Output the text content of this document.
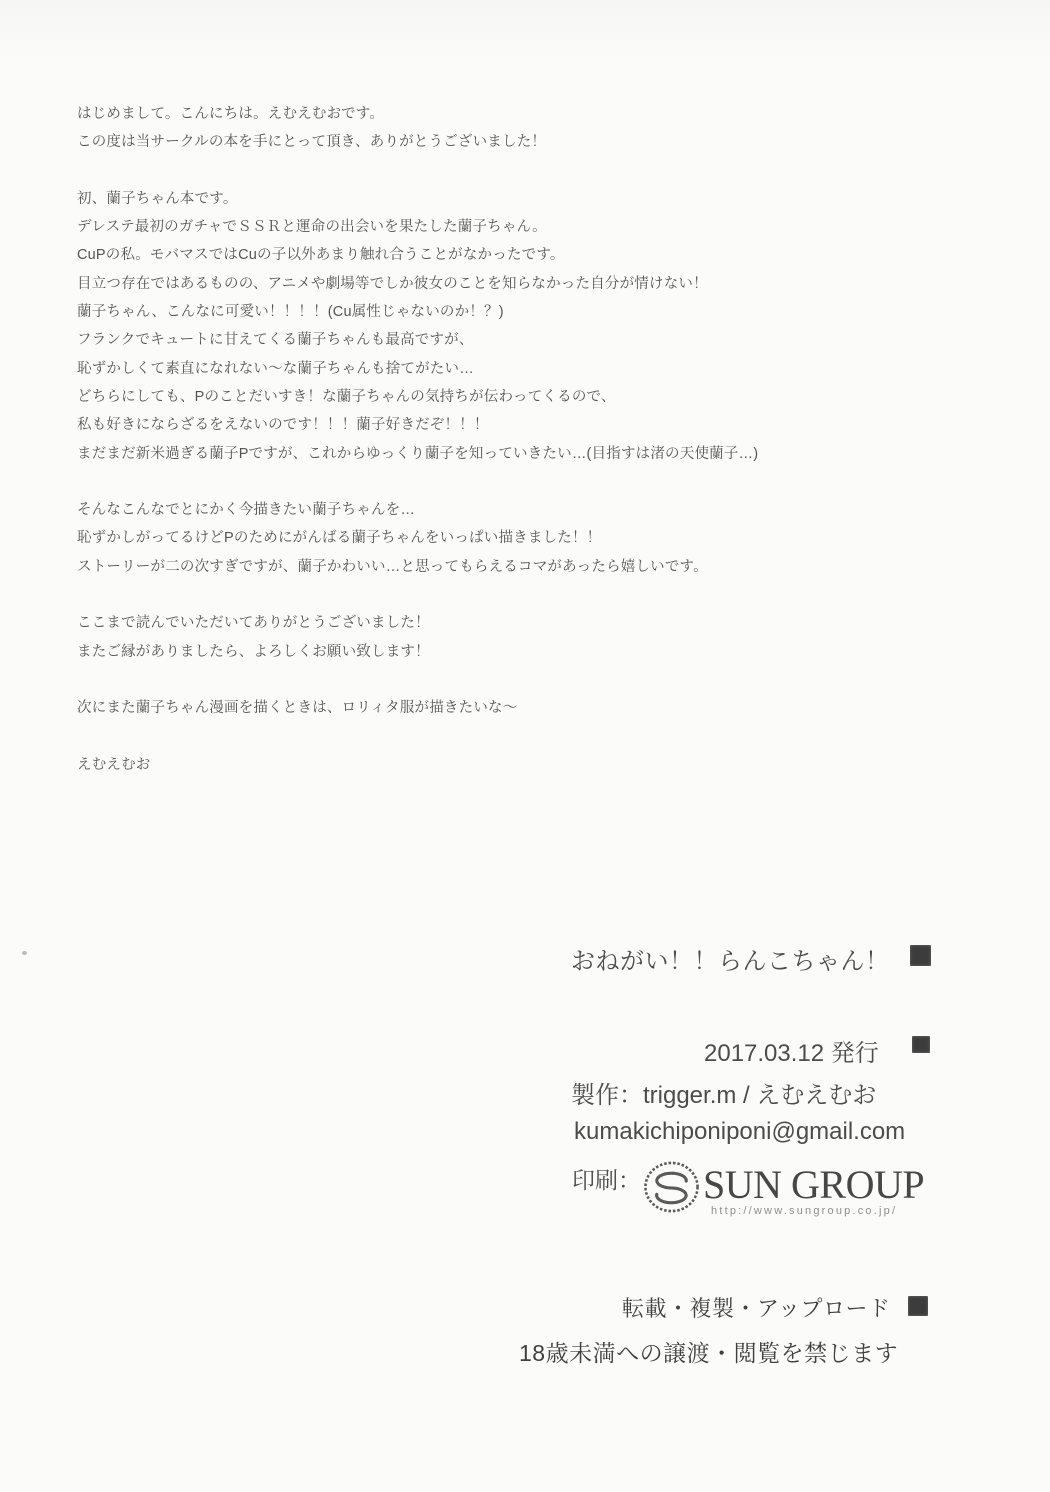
はじめまして。こんにちは。えむえむおです。
この度は当サークルの本を手にとって頂き、ありがとうございました！
初、蘭子ちゃん本です。
デレステ最初のガチャでＳＳＲと運命の出会いを果たした蘭子ちゃん。
CuPの私。モバマスではCuの子以外あまり触れ合うことがなかったです。
目立つ存在ではあるものの、アニメや劇場等でしか彼女のことを知らなかった自分が情けない！
蘭子ちゃん、こんなに可愛い！！！！(Cu属性じゃないのか！？)
フランクでキュートに甘えてくる蘭子ちゃんも最高ですが、
恥ずかしくて素直になれない～な蘭子ちゃんも捨てがたい…
どちらにしても、Pのことだいすき！な蘭子ちゃんの気持ちが伝わってくるので、
私も好きにならざるをえないのです！！！蘭子好きだぞ！！！
まだまだ新米過ぎる蘭子Pですが、これからゆっくり蘭子を知っていきたい…(目指すは渚の天使蘭子…)
そんなこんなでとにかく今描きたい蘭子ちゃんを…
恥ずかしがってるけどPのためにがんばる蘭子ちゃんをいっぱい描きました！！
ストーリーが二の次すぎですが、蘭子かわいい…と思ってもらえるコマがあったら嬉しいです。
ここまで読んでいただいてありがとうございました！
またご縁がありましたら、よろしくお願い致します！
次にまた蘭子ちゃん漫画を描くときは、ロリィタ服が描きたいな～
えむえむお
おねがい！！らんこちゃん！
2017.03.12 発行
製作：trigger.m / えむえむお
kumakichiponiponi@gmail.com
印刷： SUN GROUP
http://www.sungroup.co.jp/
転載・複製・アップロード
18歳未満への譲渡・閲覧を禁じます
